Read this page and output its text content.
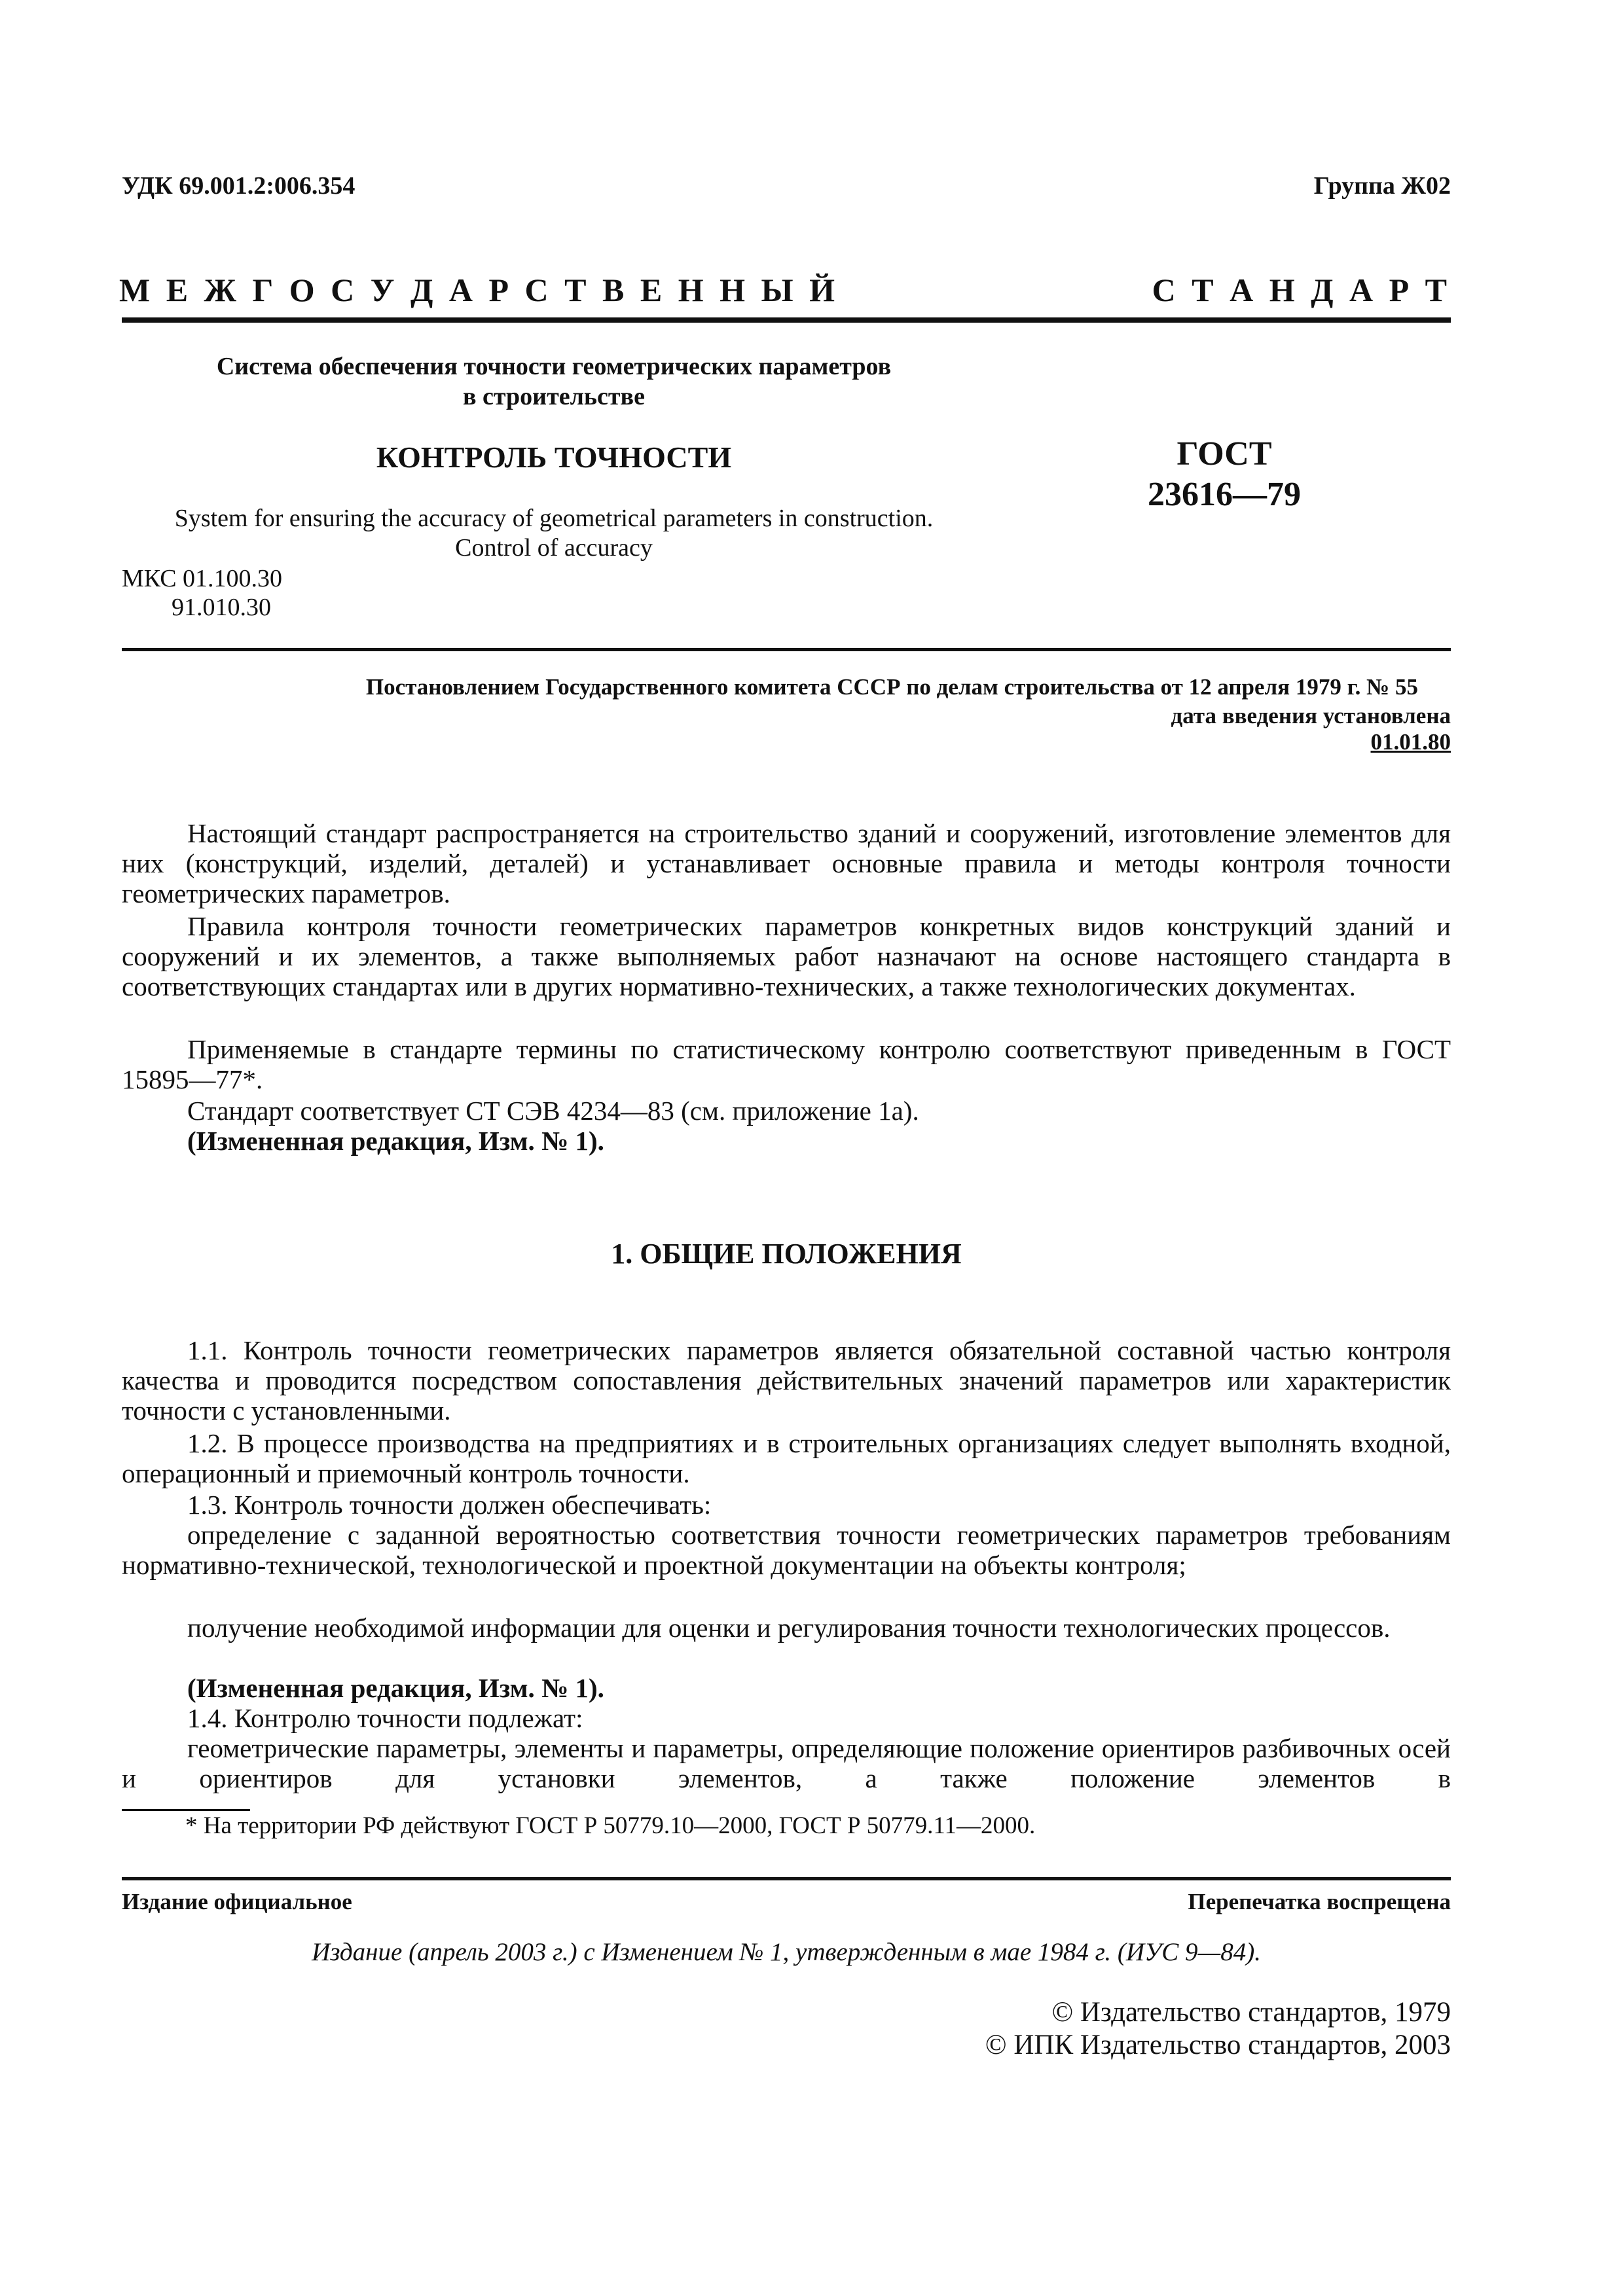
УДК 69.001.2:006.354	Группа Ж02
М Е Ж Г О С У Д А Р С Т В Е Н Н Ы Й	С Т А Н Д А Р Т
Система обеспечения точности геометрических параметров
в строительстве
КОНТРОЛЬ ТОЧНОСТИ
System for ensuring the accuracy of geometrical parameters in construction.
Control of accuracy
МКС 01.100.30
91.010.30
ГОСТ
23616—79
Постановлением Государственного комитета СССР по делам строительства от 12 апреля 1979 г. № 55
дата введения установлена
01.01.80

Настоящий стандарт распространяется на строительство зданий и сооружений, изготовление элементов для них (конструкций, изделий, деталей) и устанавливает основные правила и методы контроля точности геометрических параметров.

Правила контроля точности геометрических параметров конкретных видов конструкций зданий и сооружений и их элементов, а также выполняемых работ назначают на основе настоящего стандарта в соответствующих стандартах или в других нормативно-технических, а также технологических документах.

Применяемые в стандарте термины по статистическому контролю соответствуют приведенным в ГОСТ 15895—77*.

Стандарт соответствует СТ СЭВ 4234—83 (см. приложение 1а).

(Измененная редакция, Изм. № 1).

1. ОБЩИЕ ПОЛОЖЕНИЯ

1.1. Контроль точности геометрических параметров является обязательной составной частью контроля качества и проводится посредством сопоставления действительных значений параметров или характеристик точности с установленными.

1.2. В процессе производства на предприятиях и в строительных организациях следует выполнять входной, операционный и приемочный контроль точности.

1.3. Контроль точности должен обеспечивать:

определение с заданной вероятностью соответствия точности геометрических параметров требованиям нормативно-технической, технологической и проектной документации на объекты контроля;

получение необходимой информации для оценки и регулирования точности технологических процессов.

(Измененная редакция, Изм. № 1).

1.4. Контролю точности подлежат:

геометрические параметры, элементы и параметры, определяющие положение ориентиров разбивочных осей и ориентиров для установки элементов, а также положение элементов в

* На территории РФ действуют ГОСТ Р 50779.10—2000, ГОСТ Р 50779.11—2000.
Издание официальное	Перепечатка воспрещена
Издание (апрель 2003 г.) с Изменением № 1, утвержденным в мае 1984 г. (ИУС 9—84).
© Издательство стандартов, 1979
© ИПК Издательство стандартов, 2003
